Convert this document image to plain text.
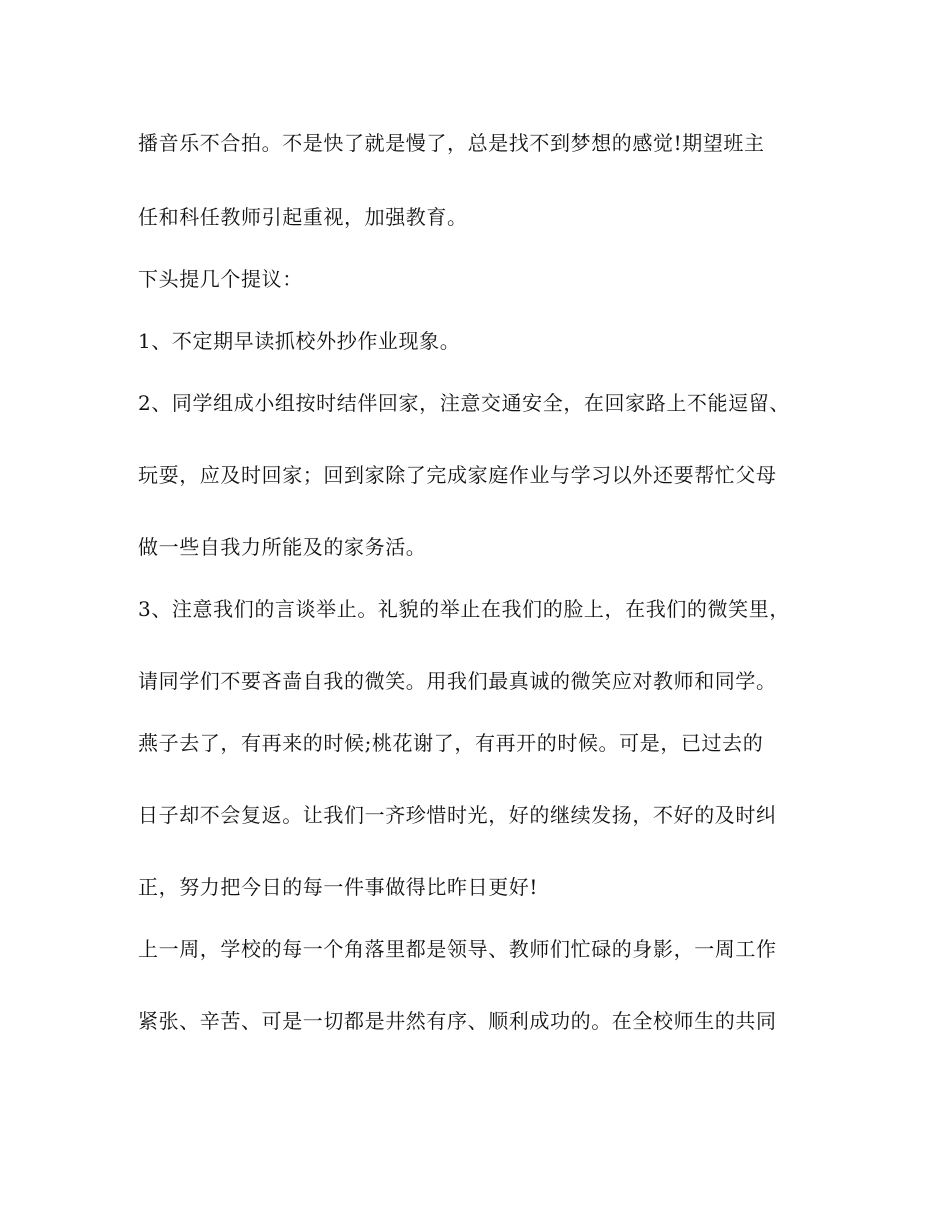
播音乐不合拍。不是快了就是慢了，总是找不到梦想的感觉!期望班主
任和科任教师引起重视，加强教育。
下头提几个提议：
1、不定期早读抓校外抄作业现象。
2、同学组成小组按时结伴回家，注意交通安全，在回家路上不能逗留、
玩耍，应及时回家；回到家除了完成家庭作业与学习以外还要帮忙父母
做一些自我力所能及的家务活。
3、注意我们的言谈举止。礼貌的举止在我们的脸上，在我们的微笑里，
请同学们不要吝啬自我的微笑。用我们最真诚的微笑应对教师和同学。
燕子去了，有再来的时候;桃花谢了，有再开的时候。可是，已过去的
日子却不会复返。让我们一齐珍惜时光，好的继续发扬，不好的及时纠
正，努力把今日的每一件事做得比昨日更好!
上一周，学校的每一个角落里都是领导、教师们忙碌的身影，一周工作
紧张、辛苦、可是一切都是井然有序、顺利成功的。在全校师生的共同
